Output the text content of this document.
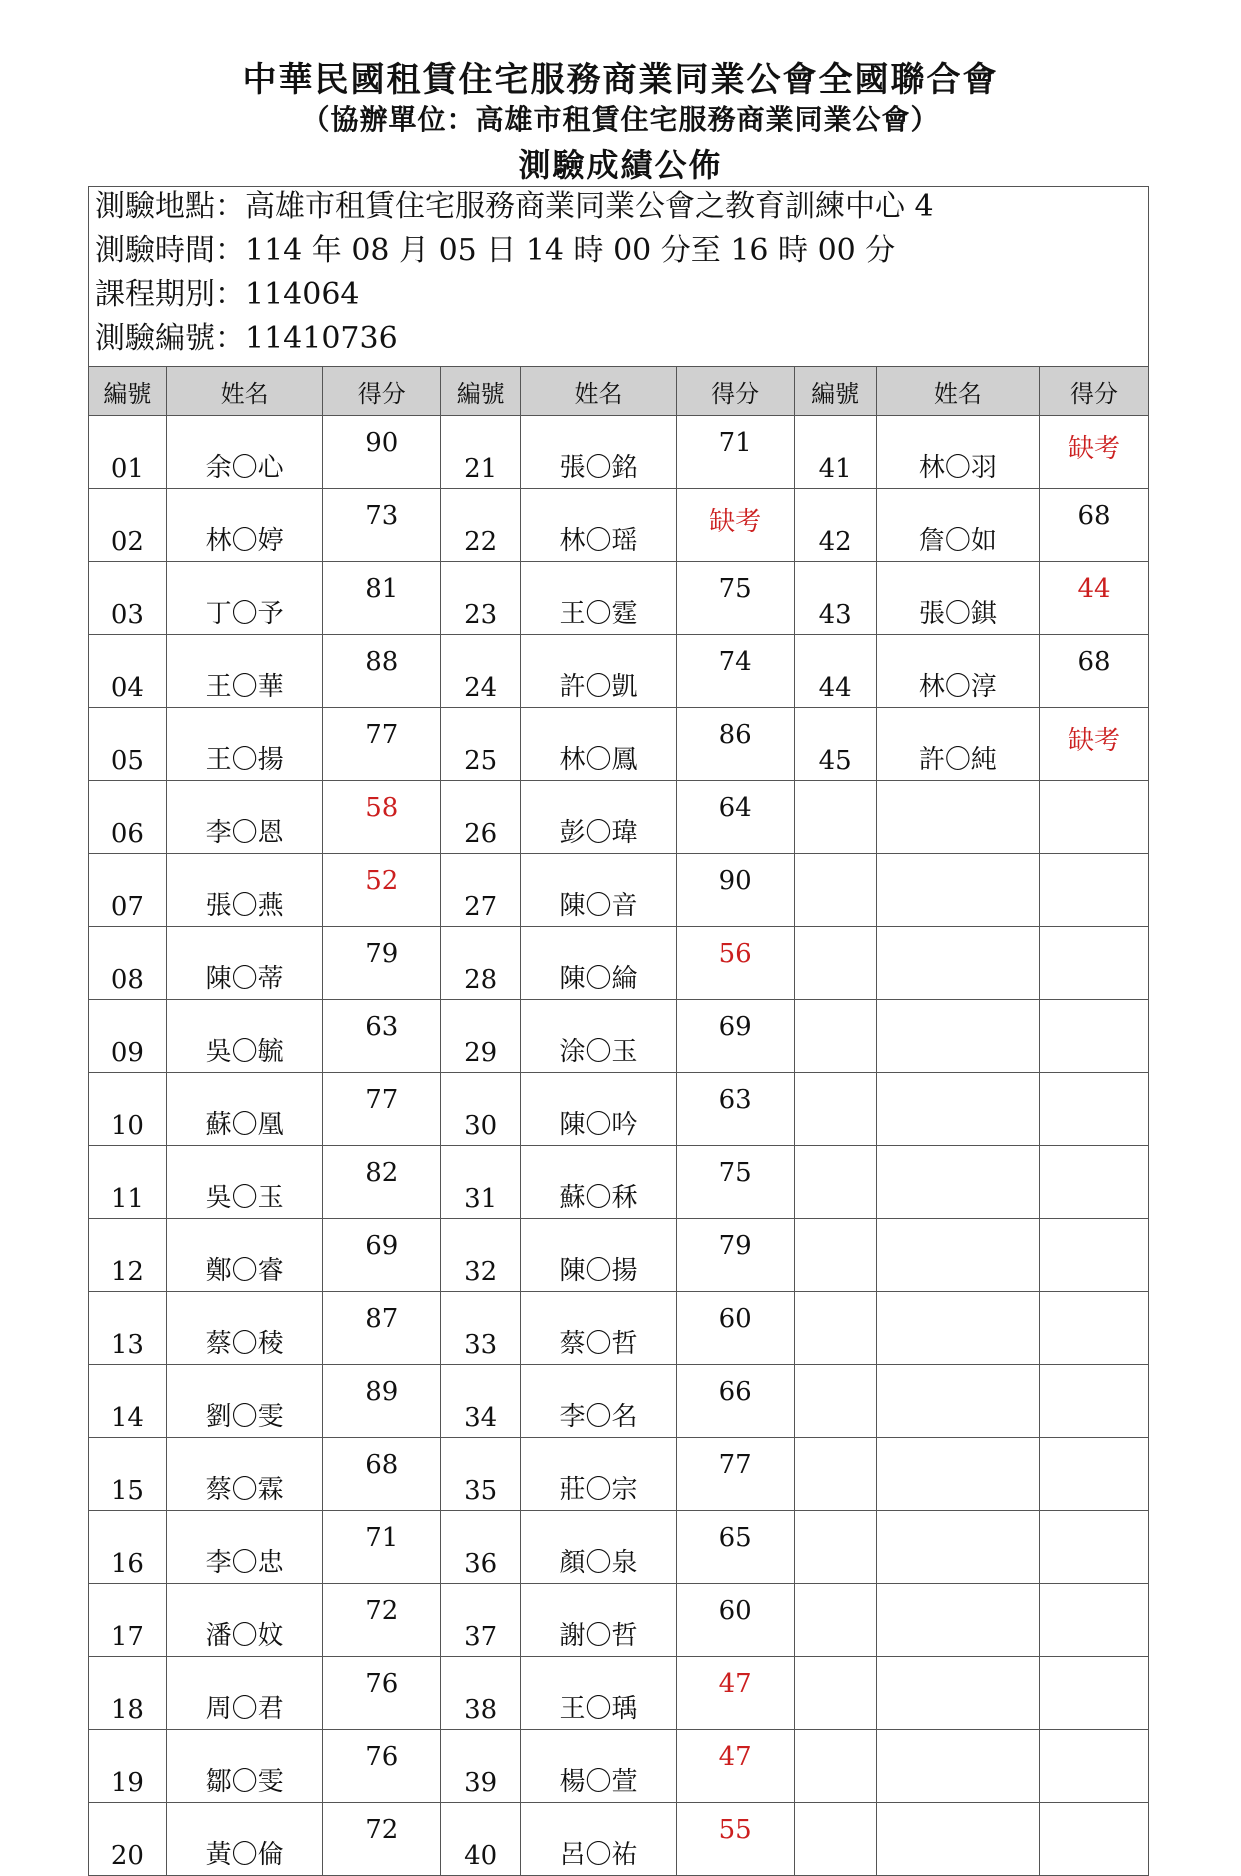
中華民國租賃住宅服務商業同業公會全國聯合會
（協辦單位：高雄市租賃住宅服務商業同業公會）
測驗成績公佈
測驗地點：高雄市租賃住宅服務商業同業公會之教育訓練中心 4
測驗時間：114 年 08 月 05 日 14 時 00 分至 16 時 00 分
課程期別：114064
測驗編號：11410736
編號	姓名	得分	編號	姓名	得分	編號	姓名	得分
01	余〇心	90	21	張〇銘	71	41	林〇羽	缺考
02	林〇婷	73	22	林〇瑶	缺考	42	詹〇如	68
03	丁〇予	81	23	王〇霆	75	43	張〇錤	44
04	王〇華	88	24	許〇凱	74	44	林〇淳	68
05	王〇揚	77	25	林〇鳳	86	45	許〇純	缺考
06	李〇恩	58	26	彭〇瑋	64			
07	張〇燕	52	27	陳〇音	90			
08	陳〇蒂	79	28	陳〇綸	56			
09	吳〇毓	63	29	涂〇玉	69			
10	蘇〇凰	77	30	陳〇吟	63			
11	吳〇玉	82	31	蘇〇秝	75			
12	鄭〇睿	69	32	陳〇揚	79			
13	蔡〇稜	87	33	蔡〇哲	60			
14	劉〇雯	89	34	李〇名	66			
15	蔡〇霖	68	35	莊〇宗	77			
16	李〇忠	71	36	顏〇泉	65			
17	潘〇妏	72	37	謝〇哲	60			
18	周〇君	76	38	王〇瑀	47			
19	鄒〇雯	76	39	楊〇萱	47			
20	黃〇倫	72	40	呂〇祐	55			
